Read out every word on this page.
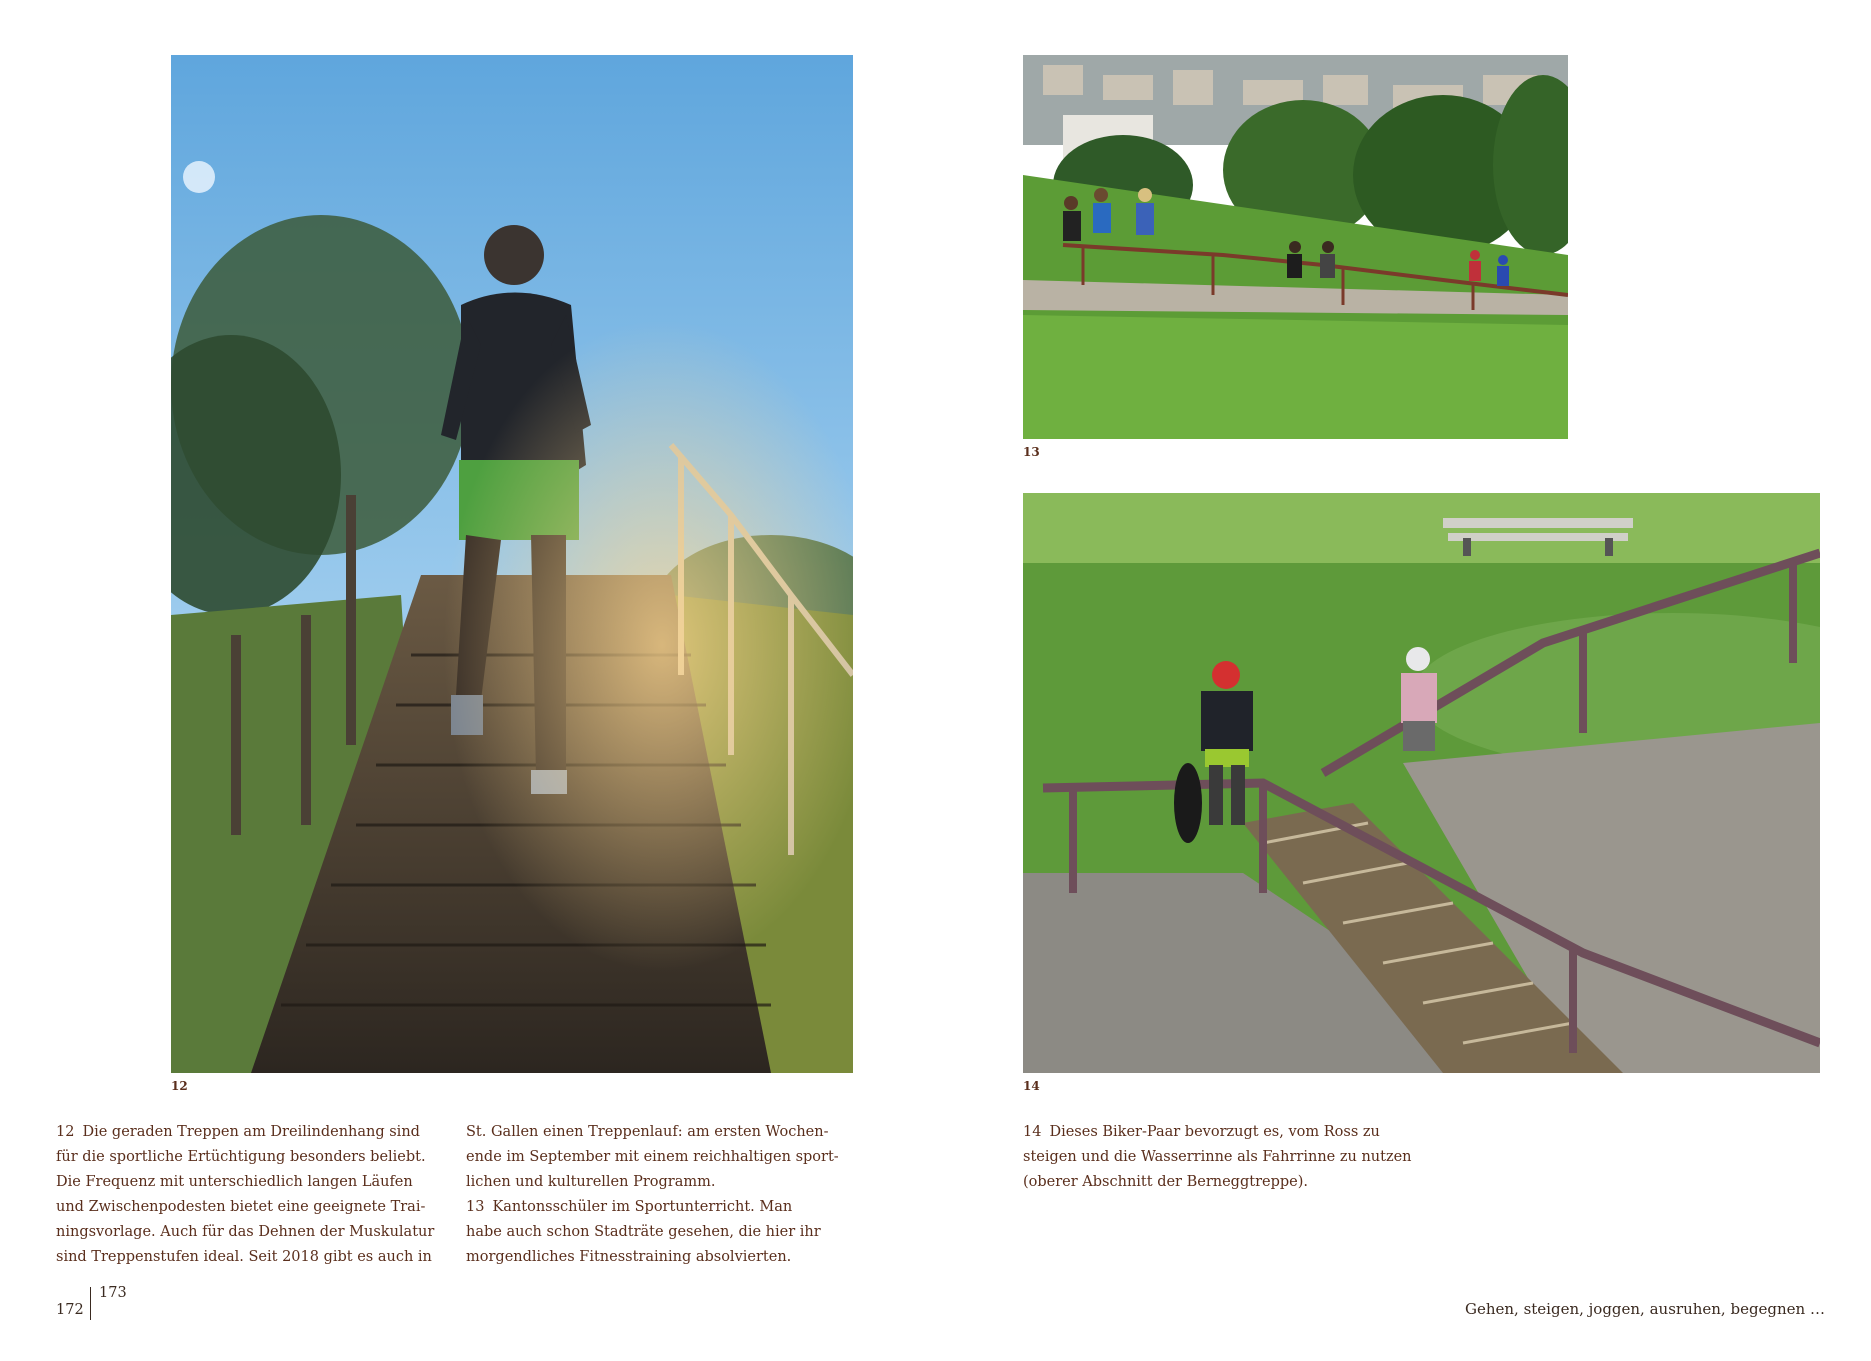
12
13
14

12 Die geraden Treppen am Dreilindenhang sind

für die sportliche Ertüchtigung besonders beliebt.

Die Frequenz mit unterschiedlich langen Läufen

und Zwischenpodesten bietet eine geeignete Trai-

ningsvorlage. Auch für das Dehnen der Muskulatur

sind Treppenstufen ideal. Seit 2018 gibt es auch in

St. Gallen einen Treppenlauf: am ersten Wochen-

ende im September mit einem reichhaltigen sport-

lichen und kulturellen Programm.

13 Kantonsschüler im Sportunterricht. Man

habe auch schon Stadträte gesehen, die hier ihr

morgendliches Fitnesstraining absolvierten.

14 Dieses Biker-Paar bevorzugt es, vom Ross zu

steigen und die Wasserrinne als Fahrrinne zu nutzen

(oberer Abschnitt der Berneggtreppe).

172
173
Gehen, steigen, joggen, ausruhen, begegnen …
